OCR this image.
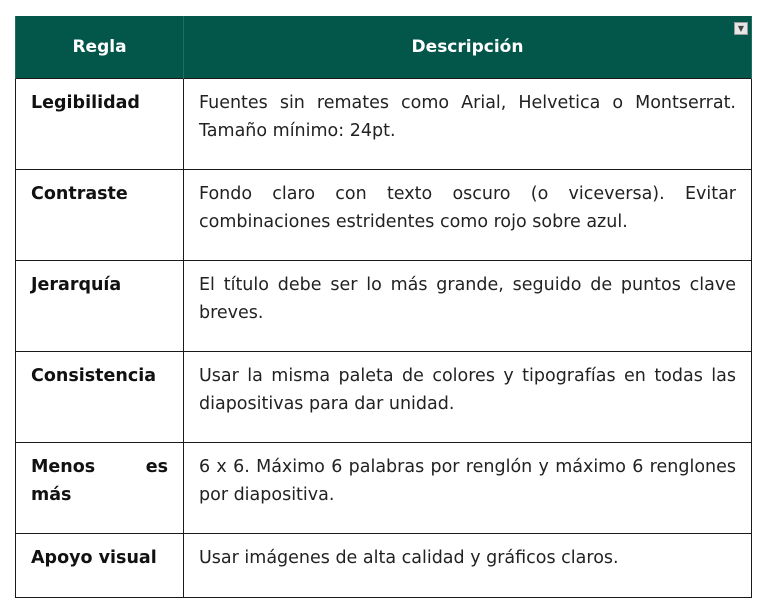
Regla	Descripción
▼

Legibilidad	Fuentes sin remates como Arial, Helvetica o Montserrat. Tamaño mínimo: 24pt.
Contraste	Fondo claro con texto oscuro (o viceversa). Evitar combinaciones estridentes como rojo sobre azul.
Jerarquía	El título debe ser lo más grande, seguido de puntos clave breves.
Consistencia	Usar la misma paleta de colores y tipografías en todas las diapositivas para dar unidad.
Menos es más	6 x 6. Máximo 6 palabras por renglón y máximo 6 renglones por diapositiva.
Apoyo visual	Usar imágenes de alta calidad y gráficos claros.
